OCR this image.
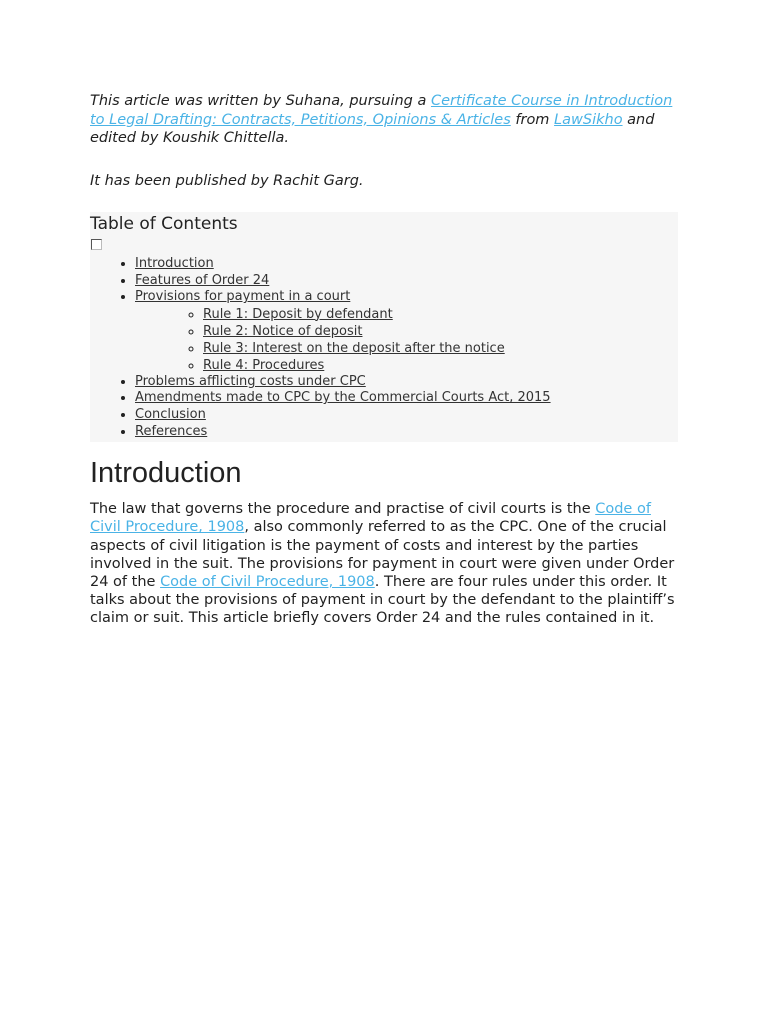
This article was written by Suhana, pursuing a Certificate Course in Introduction to Legal Drafting: Contracts, Petitions, Opinions & Articles from LawSikho and edited by Koushik Chittella.

It has been published by Rachit Garg.

Table of Contents
• Introduction
• Features of Order 24
• Provisions for payment in a court
◦ Rule 1: Deposit by defendant
◦ Rule 2: Notice of deposit
◦ Rule 3: Interest on the deposit after the notice
◦ Rule 4: Procedures
• Problems afflicting costs under CPC
• Amendments made to CPC by the Commercial Courts Act, 2015
• Conclusion
• References
Introduction

The law that governs the procedure and practise of civil courts is the Code of Civil Procedure, 1908, also commonly referred to as the CPC. One of the crucial aspects of civil litigation is the payment of costs and interest by the parties involved in the suit. The provisions for payment in court were given under Order 24 of the Code of Civil Procedure, 1908. There are four rules under this order. It talks about the provisions of payment in court by the defendant to the plaintiff’s claim or suit. This article briefly covers Order 24 and the rules contained in it.
